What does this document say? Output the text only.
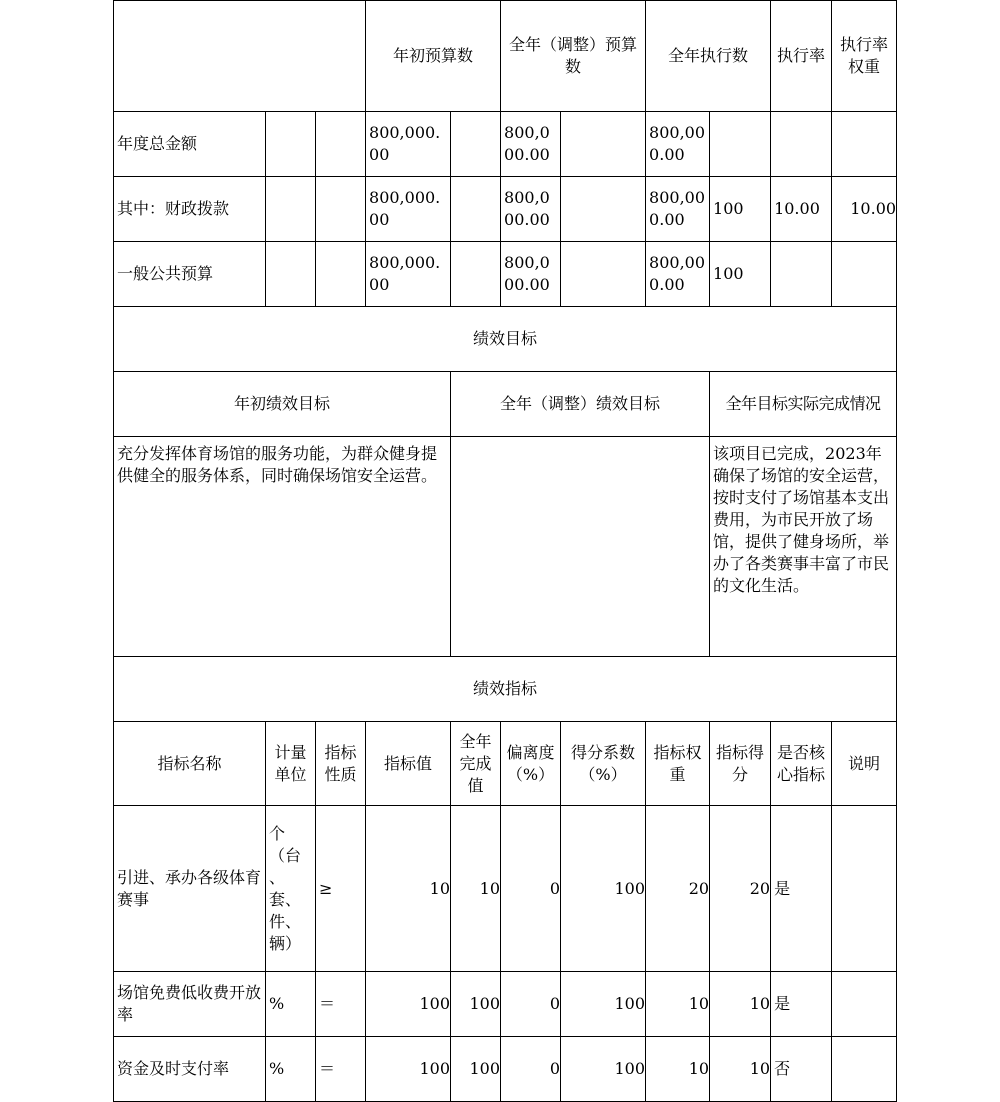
			年初预算数		全年（调整）预算数		全年执行数		执行率	执行率权重	
年度总金额			800,000.00		800,000.00		800,000.00				
其中：财政拨款			800,000.00		800,000.00		800,000.00	100	10.00	10.00	
一般公共预算			800,000.00		800,000.00		800,000.00	100			
绩效目标											
年初绩效目标				全年（调整）绩效目标				全年目标实际完成情况			
充分发挥体育场馆的服务功能，为群众健身提供健全的服务体系，同时确保场馆安全运营。								该项目已完成，2023年确保了场馆的安全运营，按时支付了场馆基本支出费用，为市民开放了场馆，提供了健身场所，举办了各类赛事丰富了市民的文化生活。			
绩效指标											
指标名称	计量单位	指标性质	指标值	全年完成值	偏离度（%）	得分系数（%）	指标权重	指标得分	是否核心指标	说明	
引进、承办各级体育赛事	个（台、套、件、辆）	≥	10	10	0	100	20	20	是		
场馆免费低收费开放率	%	＝	100	100	0	100	10	10	是		
资金及时支付率	%	＝	100	100	0	100	10	10	否		
